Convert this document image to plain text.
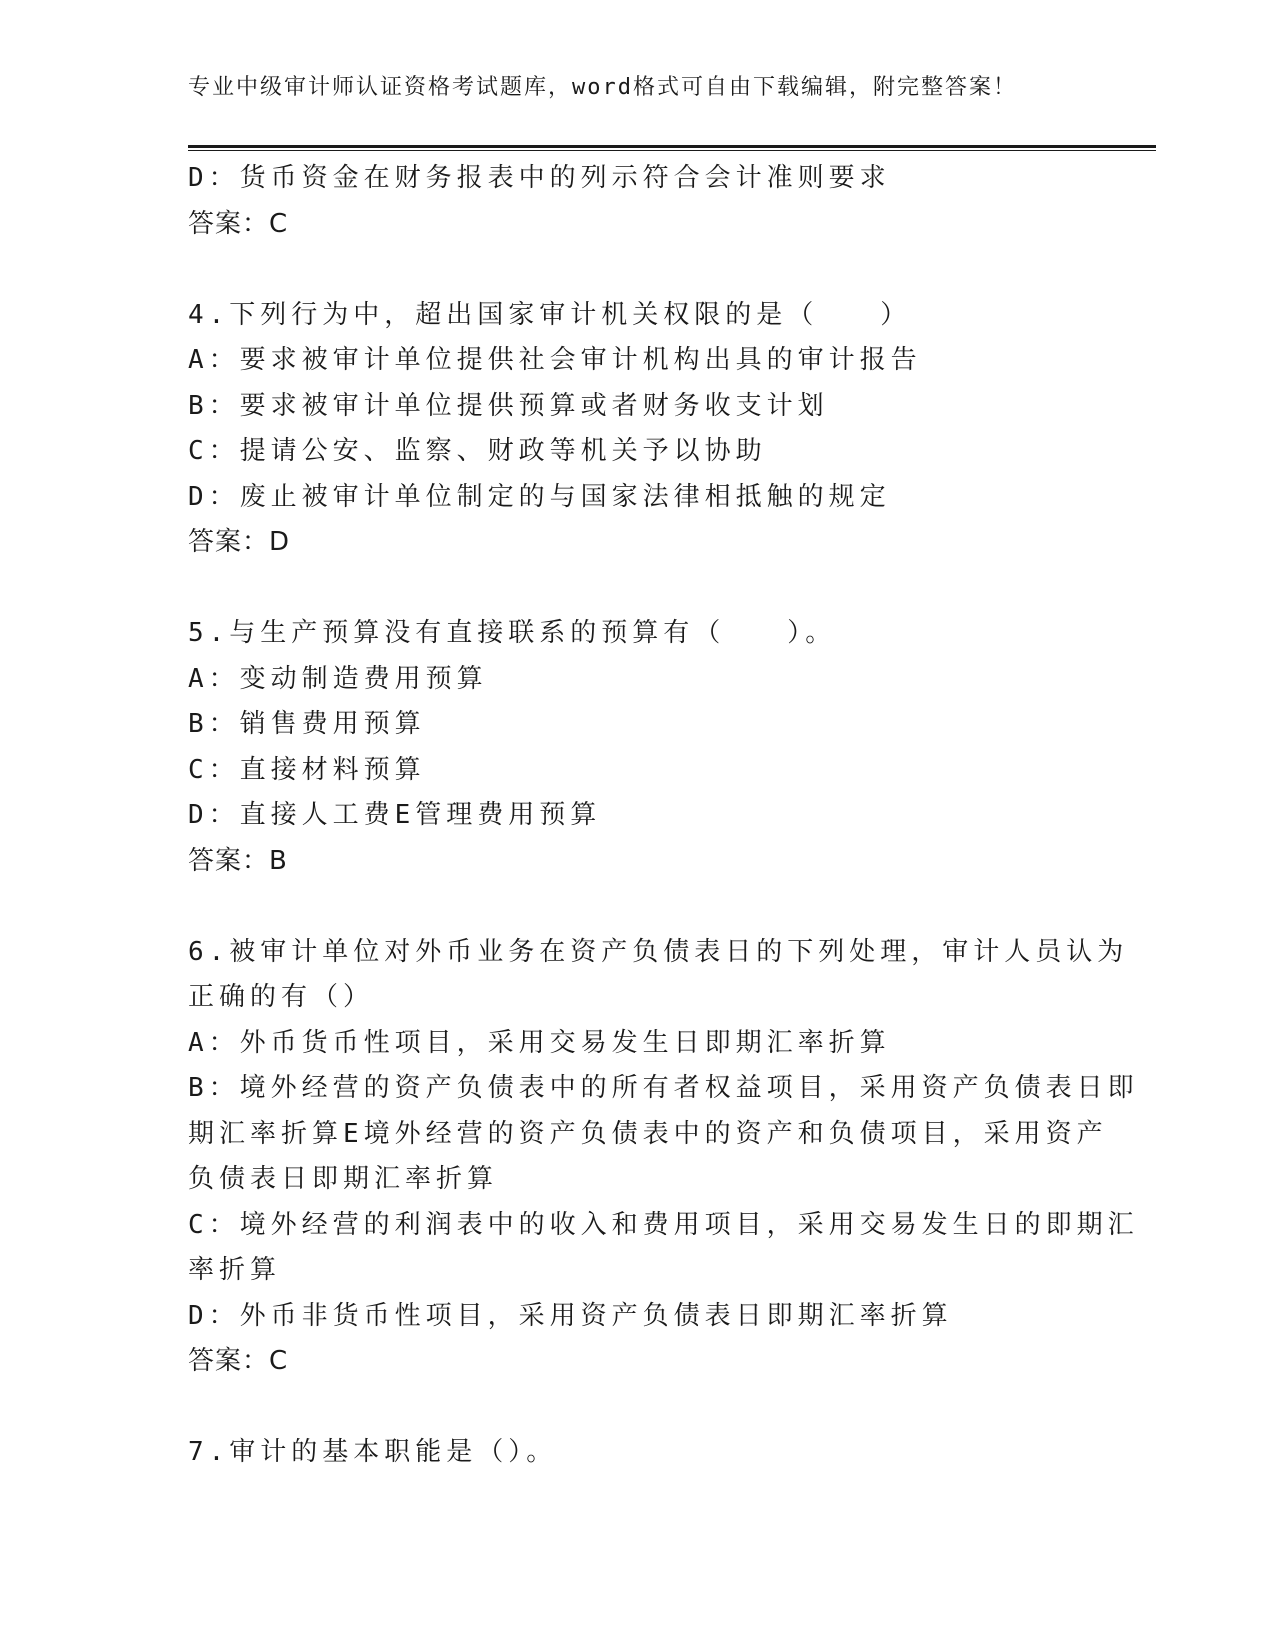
专业中级审计师认证资格考试题库，word格式可自由下载编辑，附完整答案！
D：货币资金在财务报表中的列示符合会计准则要求
答案：C
4.下列行为中，超出国家审计机关权限的是（　　）
A：要求被审计单位提供社会审计机构出具的审计报告
B：要求被审计单位提供预算或者财务收支计划
C：提请公安、监察、财政等机关予以协助
D：废止被审计单位制定的与国家法律相抵触的规定
答案：D
5.与生产预算没有直接联系的预算有（　　）。
A：变动制造费用预算
B：销售费用预算
C：直接材料预算
D：直接人工费E管理费用预算
答案：B
6.被审计单位对外币业务在资产负债表日的下列处理，审计人员认为
正确的有（）
A：外币货币性项目，采用交易发生日即期汇率折算
B：境外经营的资产负债表中的所有者权益项目，采用资产负债表日即
期汇率折算E境外经营的资产负债表中的资产和负债项目，采用资产
负债表日即期汇率折算
C：境外经营的利润表中的收入和费用项目，采用交易发生日的即期汇
率折算
D：外币非货币性项目，采用资产负债表日即期汇率折算
答案：C
7.审计的基本职能是（）。
